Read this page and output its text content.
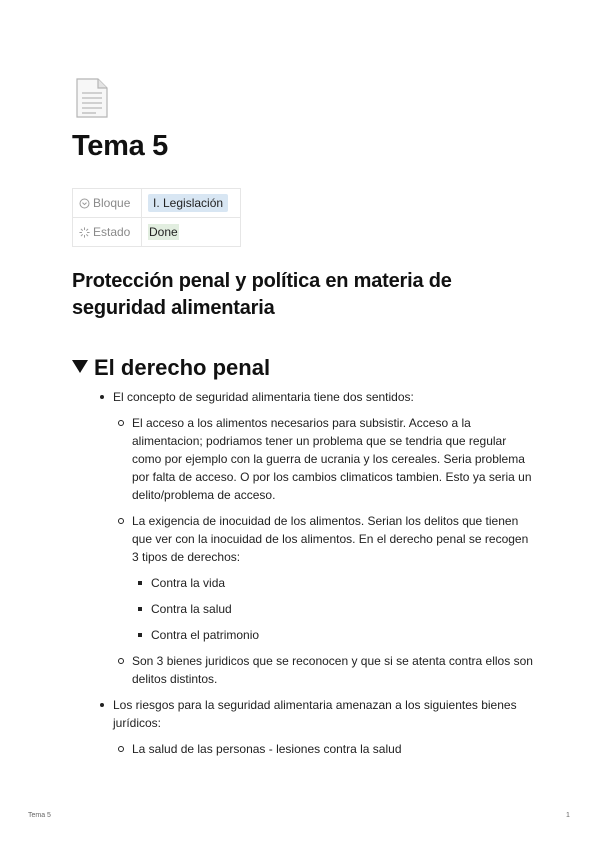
Tema 5
Bloque	I. Legislación
Estado	Done
Protección penal y política en materia de seguridad alimentaria
El derecho penal
El concepto de seguridad alimentaria tiene dos sentidos:
El acceso a los alimentos necesarios para subsistir. Acceso a la alimentacion; podriamos tener un problema que se tendria que regular como por ejemplo con la guerra de ucrania y los cereales. Seria problema por falta de acceso. O por los cambios climaticos tambien. Esto ya seria un delito/problema de acceso.
La exigencia de inocuidad de los alimentos. Serian los delitos que tienen que ver con la inocuidad de los alimentos. En el derecho penal se recogen 3 tipos de derechos:
Contra la vida
Contra la salud
Contra el patrimonio
Son 3 bienes juridicos que se reconocen y que si se atenta contra ellos son delitos distintos.
Los riesgos para la seguridad alimentaria amenazan a los siguientes bienes jurídicos:
La salud de las personas - lesiones contra la salud
Tema 5	1
